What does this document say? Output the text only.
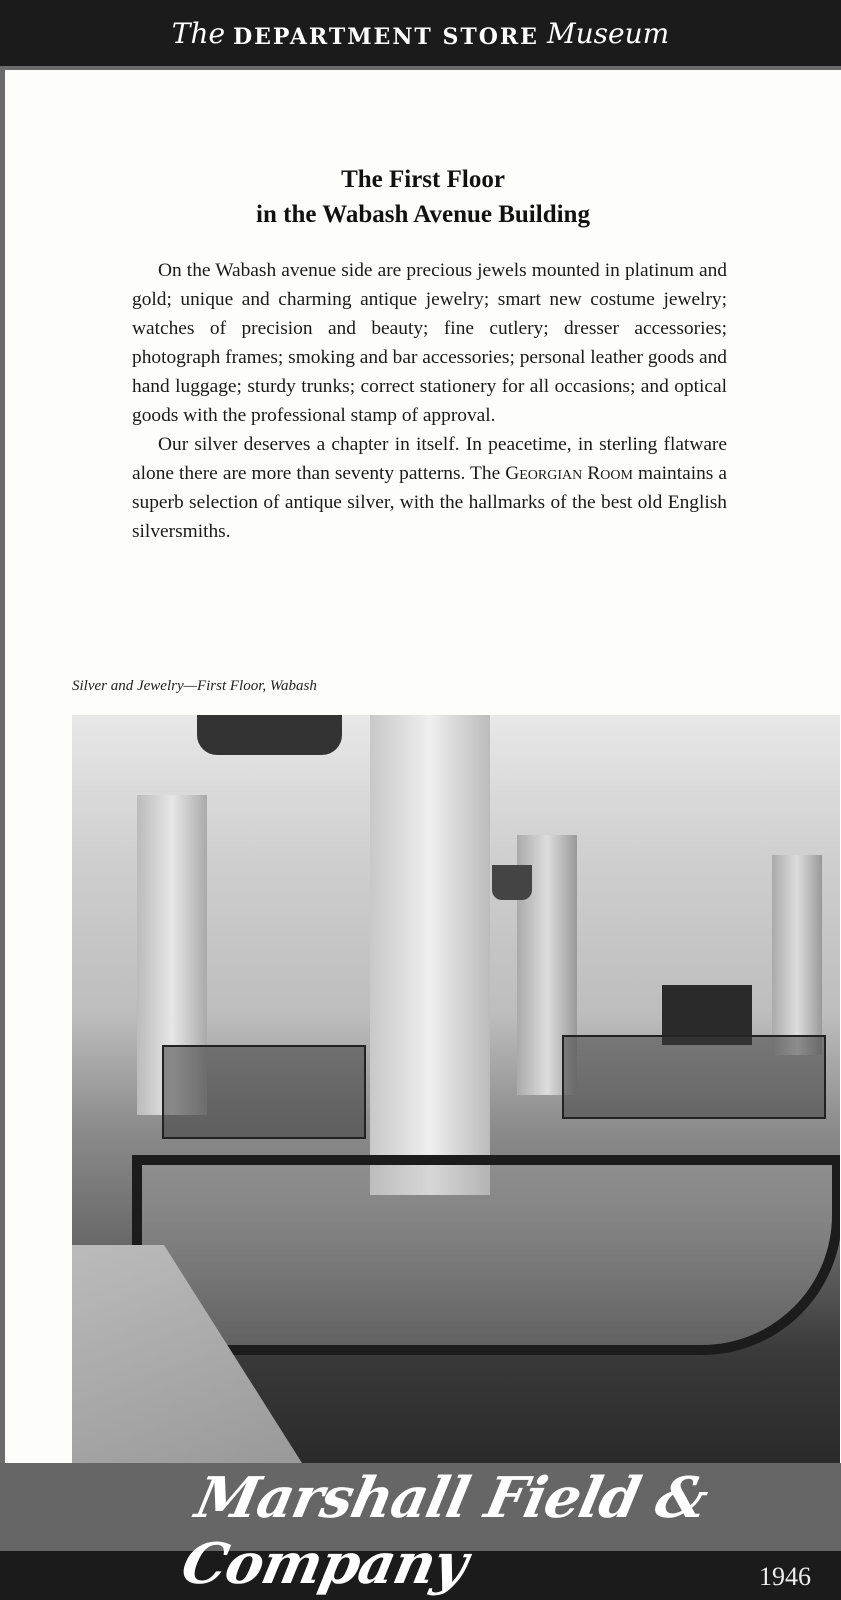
The DEPARTMENT STORE Museum
The First Floor
in the Wabash Avenue Building

On the Wabash avenue side are precious jewels mounted in platinum and gold; unique and charming antique jewelry; smart new costume jewelry; watches of precision and beauty; fine cutlery; dresser accessories; photograph frames; smoking and bar accessories; personal leather goods and hand luggage; sturdy trunks; correct stationery for all occasions; and optical goods with the professional stamp of approval.

Our silver deserves a chapter in itself. In peacetime, in sterling flatware alone there are more than seventy patterns. The Georgian Room maintains a superb selection of antique silver, with the hallmarks of the best old English silversmiths.

Silver and Jewelry—First Floor, Wabash
Marshall Field & Company	1946
